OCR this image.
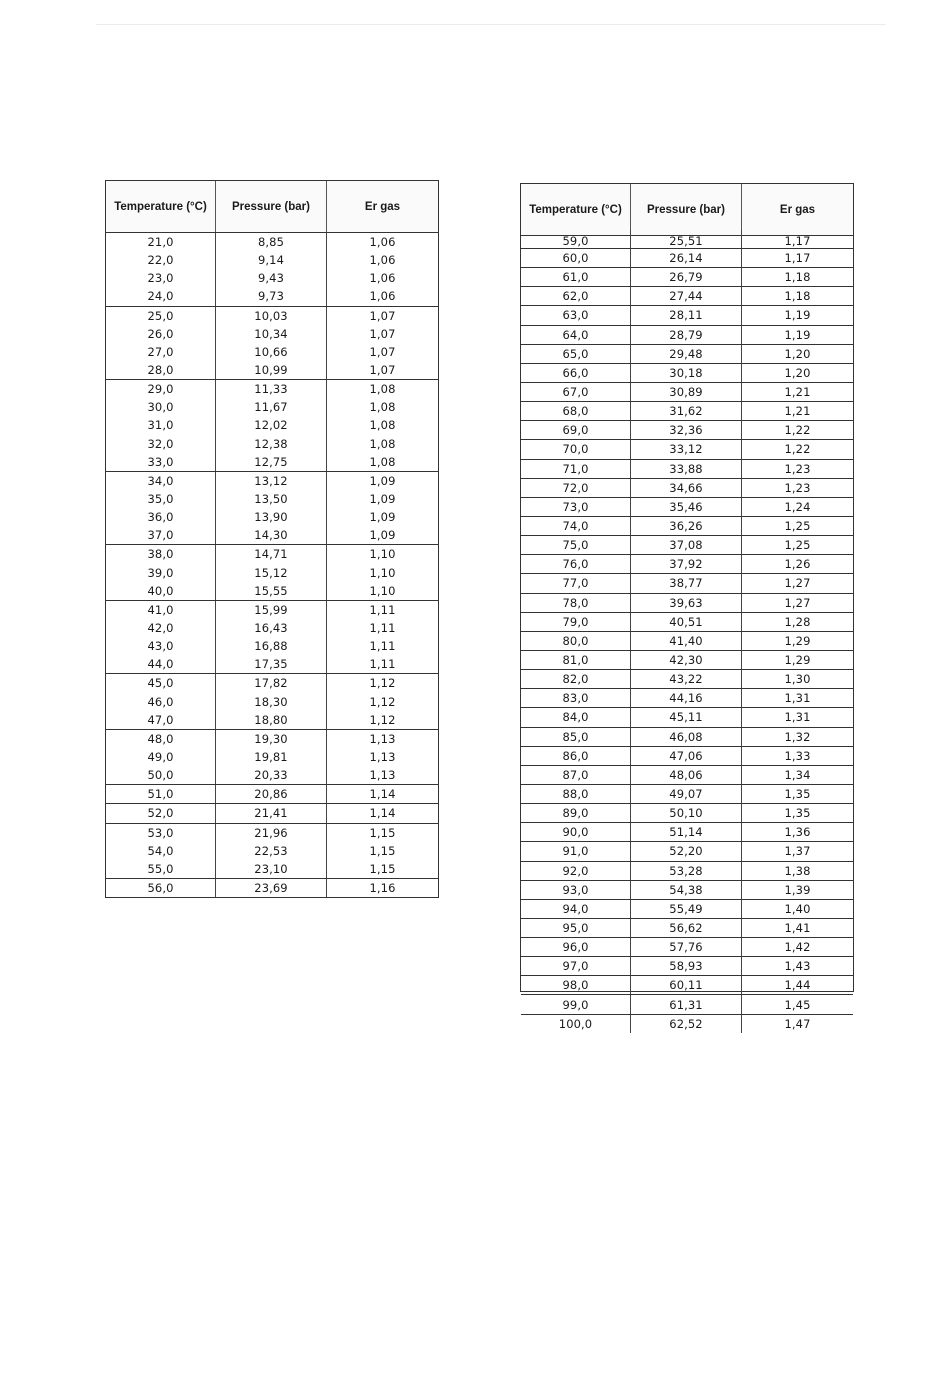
Temperature (°C)	Pressure (bar)	Er gas
21,0	8,85	1,06
22,0	9,14	1,06
23,0	9,43	1,06
24,0	9,73	1,06
25,0	10,03	1,07
26,0	10,34	1,07
27,0	10,66	1,07
28,0	10,99	1,07
29,0	11,33	1,08
30,0	11,67	1,08
31,0	12,02	1,08
32,0	12,38	1,08
33,0	12,75	1,08
34,0	13,12	1,09
35,0	13,50	1,09
36,0	13,90	1,09
37,0	14,30	1,09
38,0	14,71	1,10
39,0	15,12	1,10
40,0	15,55	1,10
41,0	15,99	1,11
42,0	16,43	1,11
43,0	16,88	1,11
44,0	17,35	1,11
45,0	17,82	1,12
46,0	18,30	1,12
47,0	18,80	1,12
48,0	19,30	1,13
49,0	19,81	1,13
50,0	20,33	1,13
51,0	20,86	1,14
52,0	21,41	1,14
53,0	21,96	1,15
54,0	22,53	1,15
55,0	23,10	1,15
56,0	23,69	1,16
Temperature (°C)	Pressure (bar)	Er gas
59,0	25,51	1,17
60,0	26,14	1,17
61,0	26,79	1,18
62,0	27,44	1,18
63,0	28,11	1,19
64,0	28,79	1,19
65,0	29,48	1,20
66,0	30,18	1,20
67,0	30,89	1,21
68,0	31,62	1,21
69,0	32,36	1,22
70,0	33,12	1,22
71,0	33,88	1,23
72,0	34,66	1,23
73,0	35,46	1,24
74,0	36,26	1,25
75,0	37,08	1,25
76,0	37,92	1,26
77,0	38,77	1,27
78,0	39,63	1,27
79,0	40,51	1,28
80,0	41,40	1,29
81,0	42,30	1,29
82,0	43,22	1,30
83,0	44,16	1,31
84,0	45,11	1,31
85,0	46,08	1,32
86,0	47,06	1,33
87,0	48,06	1,34
88,0	49,07	1,35
89,0	50,10	1,35
90,0	51,14	1,36
91,0	52,20	1,37
92,0	53,28	1,38
93,0	54,38	1,39
94,0	55,49	1,40
95,0	56,62	1,41
96,0	57,76	1,42
97,0	58,93	1,43
98,0	60,11	1,44
99,0	61,31	1,45
100,0	62,52	1,47
